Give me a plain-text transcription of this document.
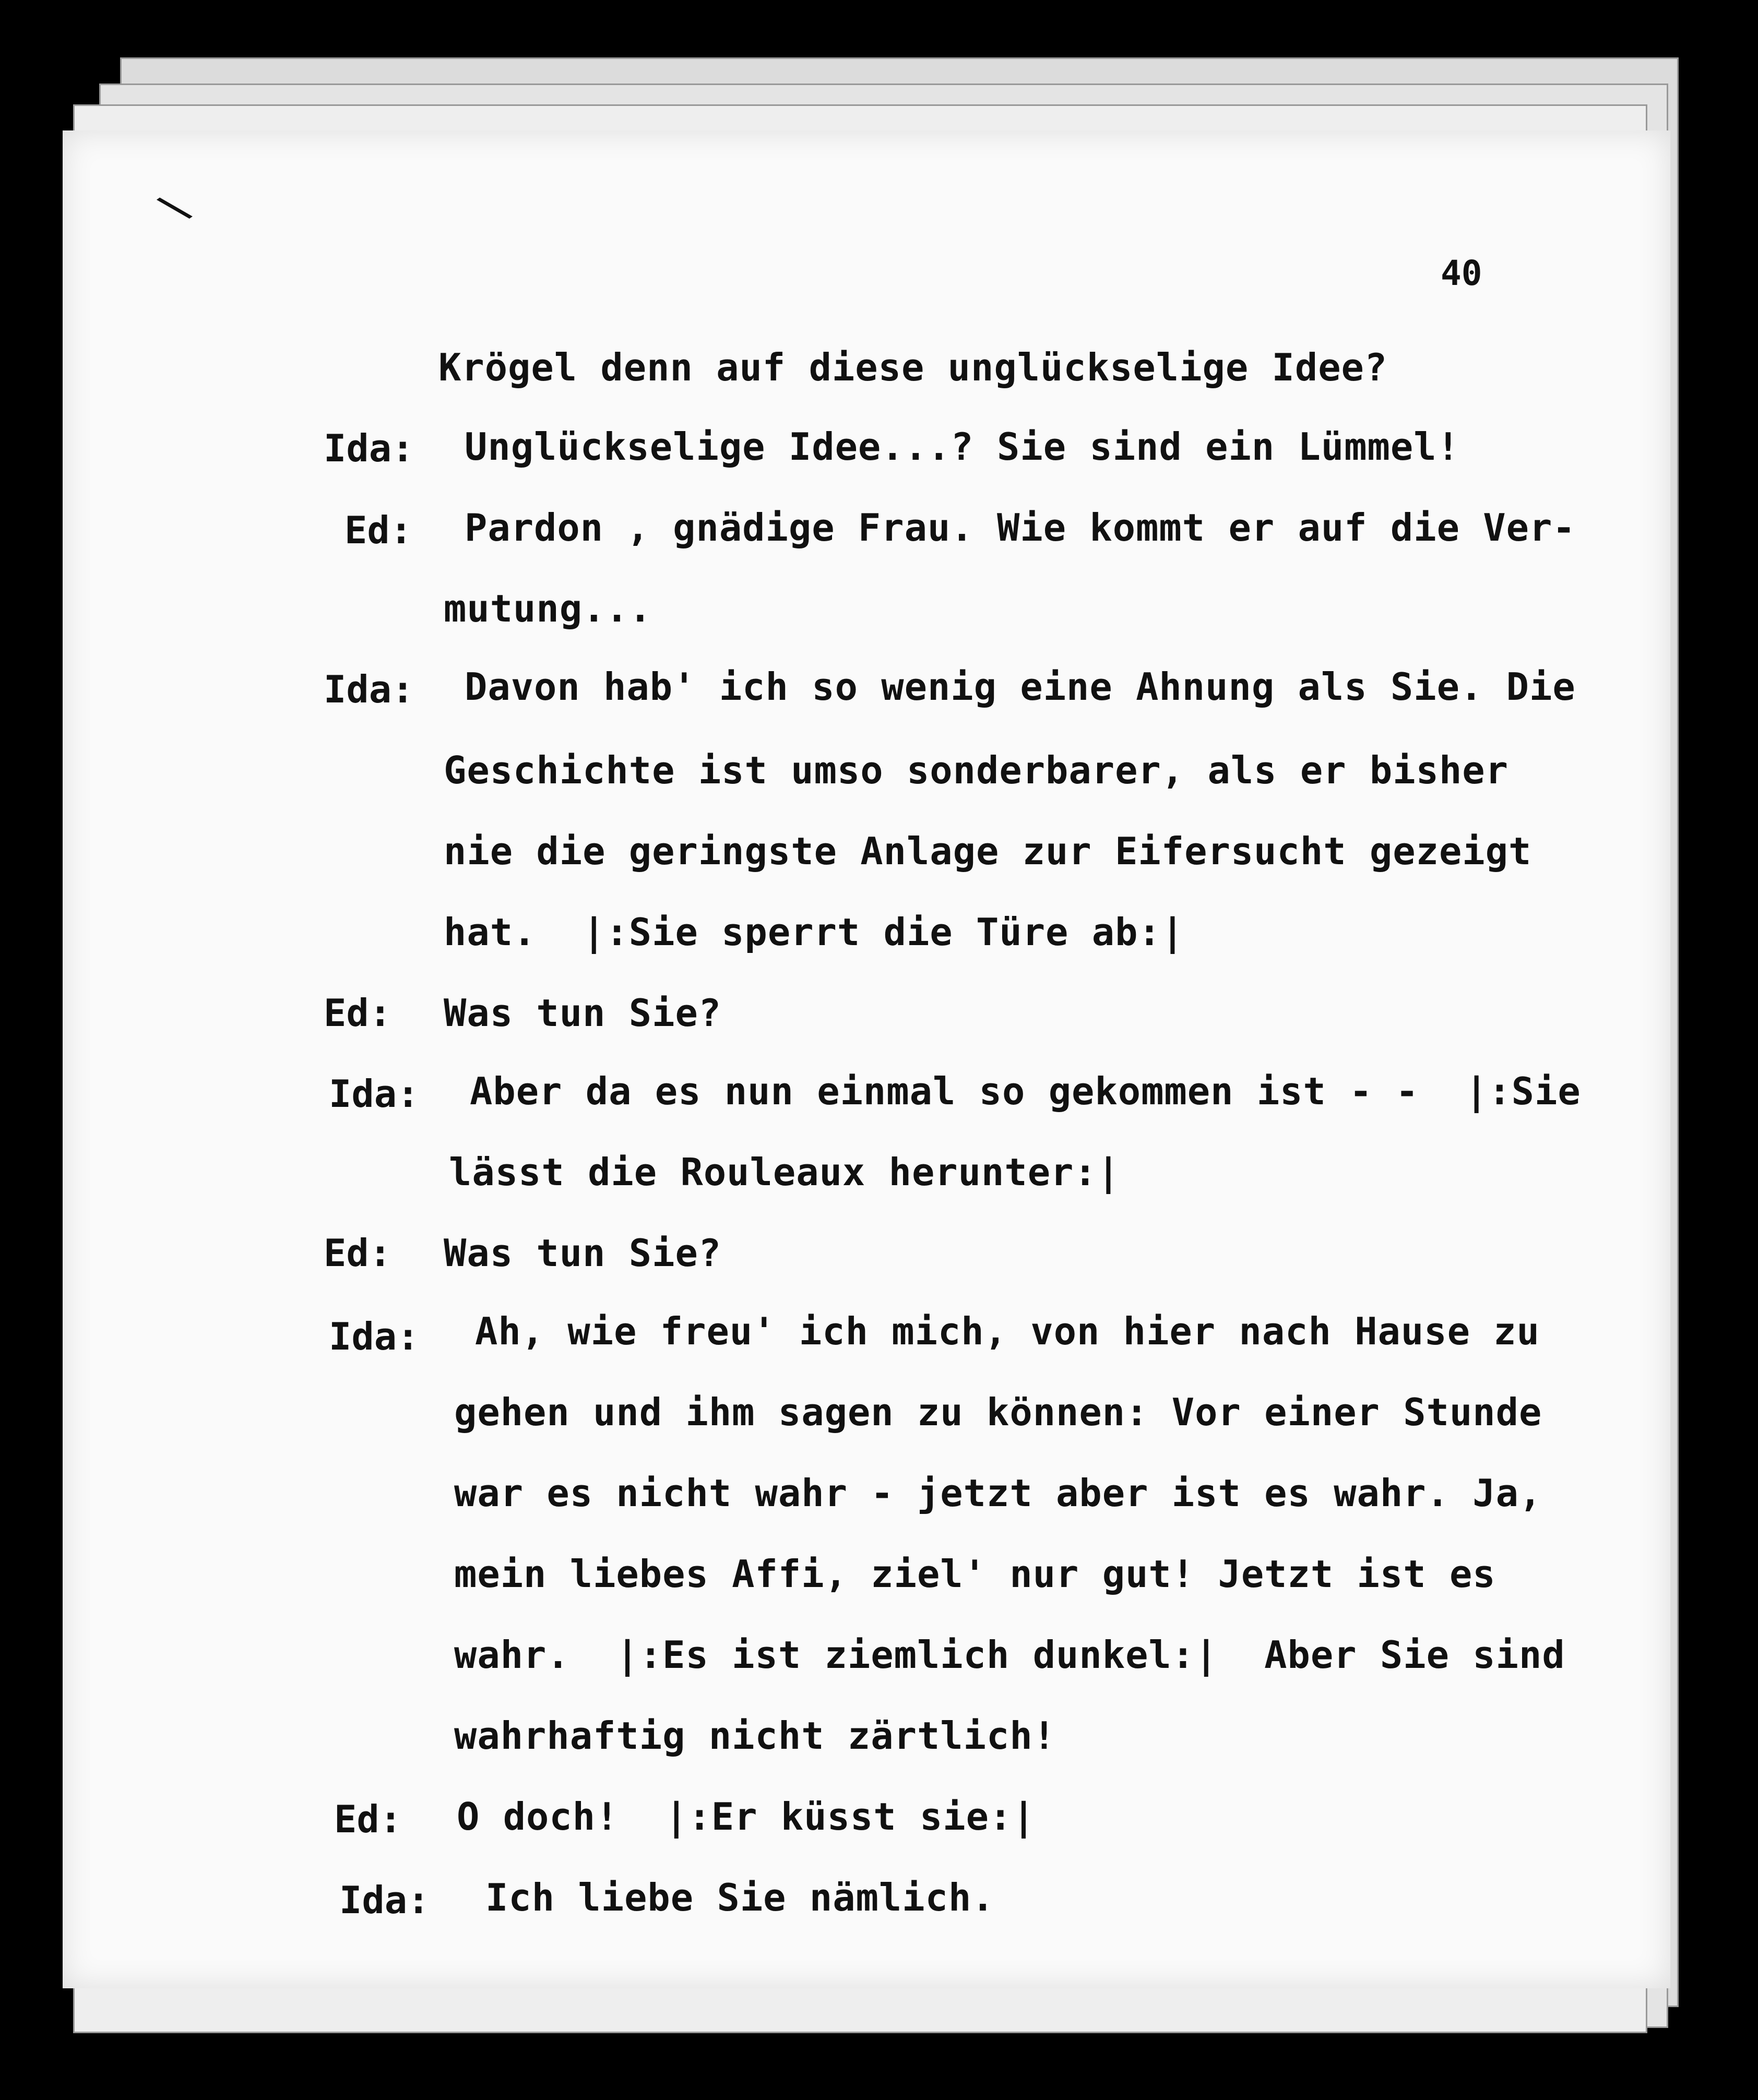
\
40
Krögel denn auf diese unglückselige Idee?
Ida: Unglückselige Idee...? Sie sind ein Lümmel!
Ed: Pardon , gnädige Frau. Wie kommt er auf die Ver-
mutung...
Ida: Davon hab' ich so wenig eine Ahnung als Sie. Die
Geschichte ist umso sonderbarer, als er bisher
nie die geringste Anlage zur Eifersucht gezeigt
hat.  |:Sie sperrt die Türe ab:|
Ed: Was tun Sie?
Ida: Aber da es nun einmal so gekommen ist - -  |:Sie
lässt die Rouleaux herunter:|
Ed: Was tun Sie?
Ida: Ah, wie freu' ich mich, von hier nach Hause zu
gehen und ihm sagen zu können: Vor einer Stunde
war es nicht wahr - jetzt aber ist es wahr. Ja,
mein liebes Affi, ziel' nur gut! Jetzt ist es
wahr.  |:Es ist ziemlich dunkel:|  Aber Sie sind
wahrhaftig nicht zärtlich!
Ed: O doch!  |:Er küsst sie:|
Ida: Ich liebe Sie nämlich.
